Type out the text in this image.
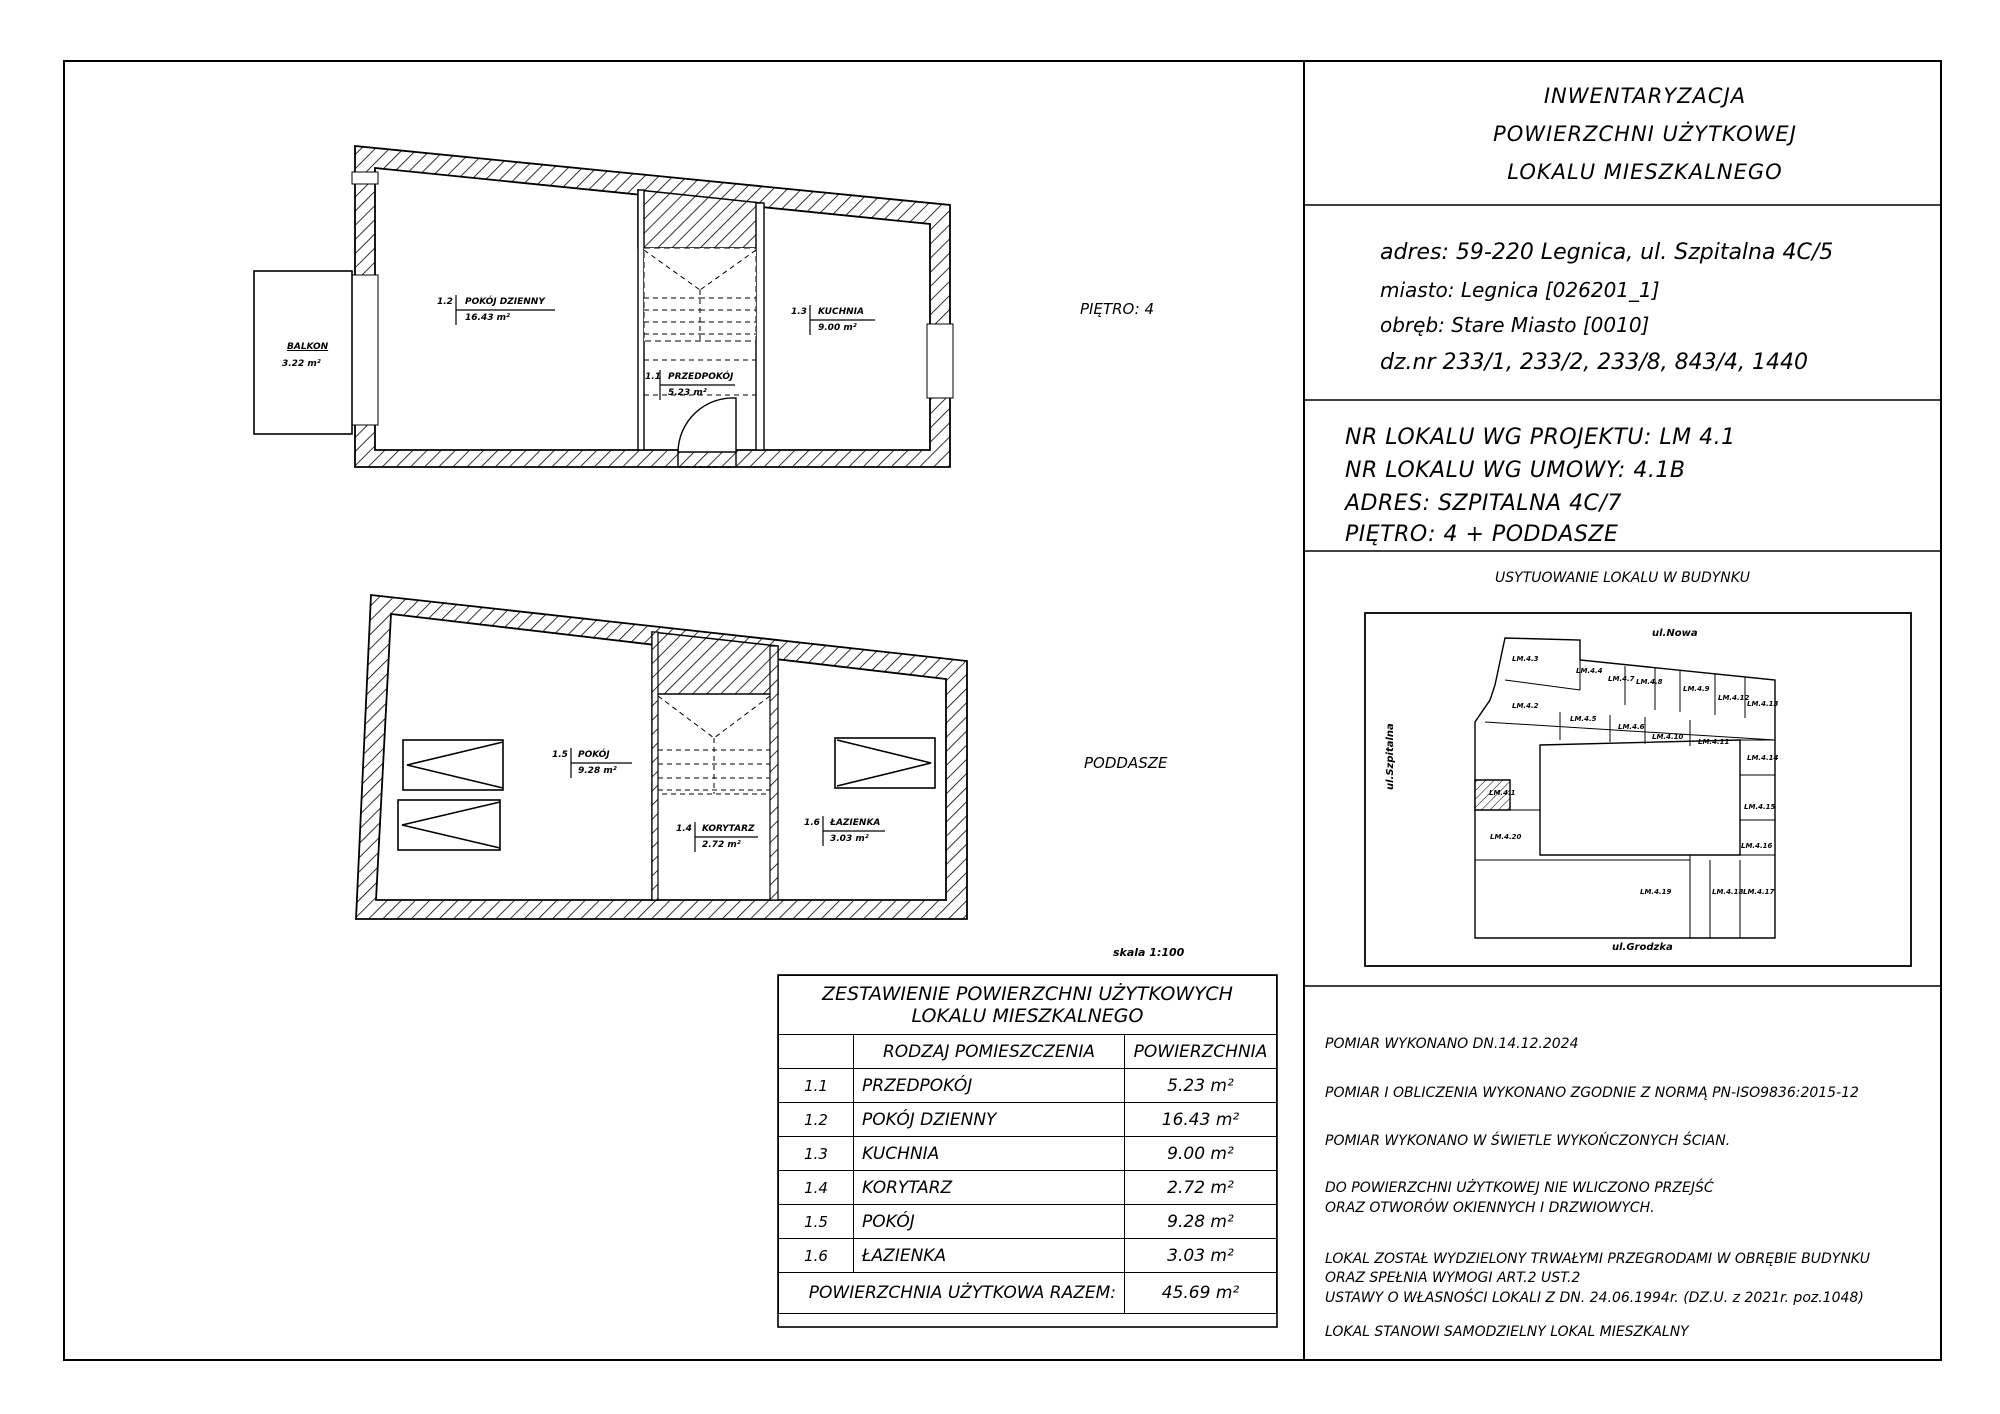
INWENTARYZACJA
POWIERZCHNI UŻYTKOWEJ
LOKALU MIESZKALNEGO
adres: 59-220 Legnica, ul. Szpitalna 4C/5
miasto: Legnica [026201_1]
obręb: Stare Miasto [0010]
dz.nr 233/1, 233/2, 233/8, 843/4, 1440
NR LOKALU WG PROJEKTU: LM 4.1
NR LOKALU WG UMOWY: 4.1B
ADRES: SZPITALNA 4C/7
PIĘTRO: 4 + PODDASZE
USYTUOWANIE LOKALU W BUDYNKU
ul.Nowa
ul.Szpitalna
ul.Grodzka
LM.4.3
LM.4.4
LM.4.7 LM.4.8
LM.4.9
LM.4.12
LM.4.13
LM.4.2
LM.4.5
LM.4.6
LM.4.10
LM.4.11
LM.4.14
LM.4.1
LM.4.15
LM.4.20
LM.4.16
LM.4.19	LM.4.18 LM.4.17
POMIAR WYKONANO DN.14.12.2024
POMIAR I OBLICZENIA WYKONANO ZGODNIE Z NORMĄ PN-ISO9836:2015-12
POMIAR WYKONANO W ŚWIETLE WYKOŃCZONYCH ŚCIAN.
DO POWIERZCHNI UŻYTKOWEJ NIE WLICZONO PRZEJŚĆ
ORAZ OTWORÓW OKIENNYCH I DRZWIOWYCH.
LOKAL ZOSTAŁ WYDZIELONY TRWAŁYMI PRZEGRODAMI W OBRĘBIE BUDYNKU
ORAZ SPEŁNIA WYMOGI ART.2 UST.2
USTAWY O WŁASNOŚCI LOKALI Z DN. 24.06.1994r. (DZ.U. z 2021r. poz.1048)
LOKAL STANOWI SAMODZIELNY LOKAL MIESZKALNY
PIĘTRO: 4
PODDASZE
skala 1:100
1.2 POKÓJ DZIENNY
16.43 m²
1.3 KUCHNIA
9.00 m²
1.1 PRZEDPOKÓJ
5.23 m²
BALKON
3.22 m²
1.5 POKÓJ
9.28 m²
1.4 KORYTARZ
2.72 m²
1.6 ŁAZIENKA
3.03 m²
ZESTAWIENIE POWIERZCHNI UŻYTKOWYCH
LOKALU MIESZKALNEGO		

	RODZAJ POMIESZCZENIA	POWIERZCHNIA
1.1	PRZEDPOKÓJ	5.23 m²
1.2	POKÓJ DZIENNY	16.43 m²
1.3	KUCHNIA	9.00 m²
1.4	KORYTARZ	2.72 m²
1.5	POKÓJ	9.28 m²
1.6	ŁAZIENKA	3.03 m²
POWIERZCHNIA UŻYTKOWA RAZEM:		45.69 m²
